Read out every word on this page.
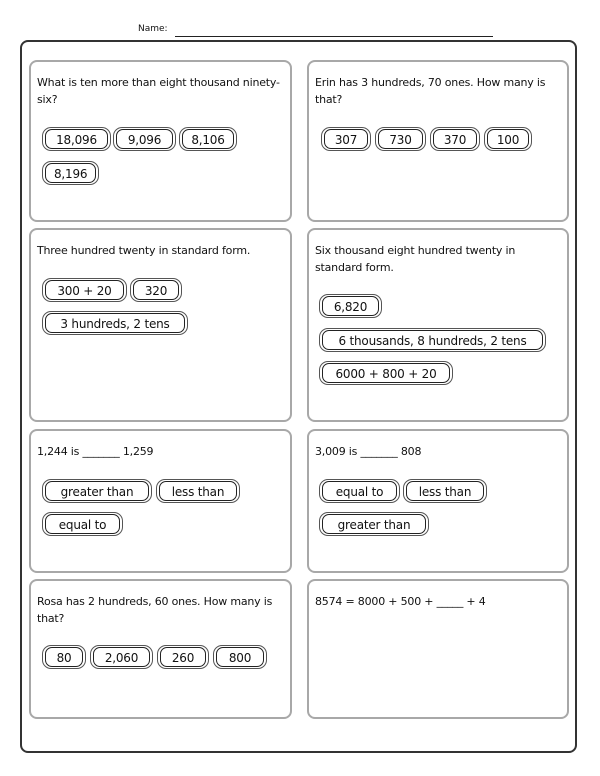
Name:
What is ten more than eight thousand ninety-six?
18,096	9,096	8,106
8,196
Erin has 3 hundreds, 70 ones. How many is that?
307	730	370	100
Three hundred twenty in standard form.
300 + 20	320
3 hundreds, 2 tens
Six thousand eight hundred twenty in standard form.
6,820
6 thousands, 8 hundreds, 2 tens
6000 + 800 + 20
1,244 is _______ 1,259
greater than	less than
equal to
3,009 is _______ 808
equal to	less than
greater than
Rosa has 2 hundreds, 60 ones. How many is that?
80	2,060	260	800
8574 = 8000 + 500 + _____ + 4
